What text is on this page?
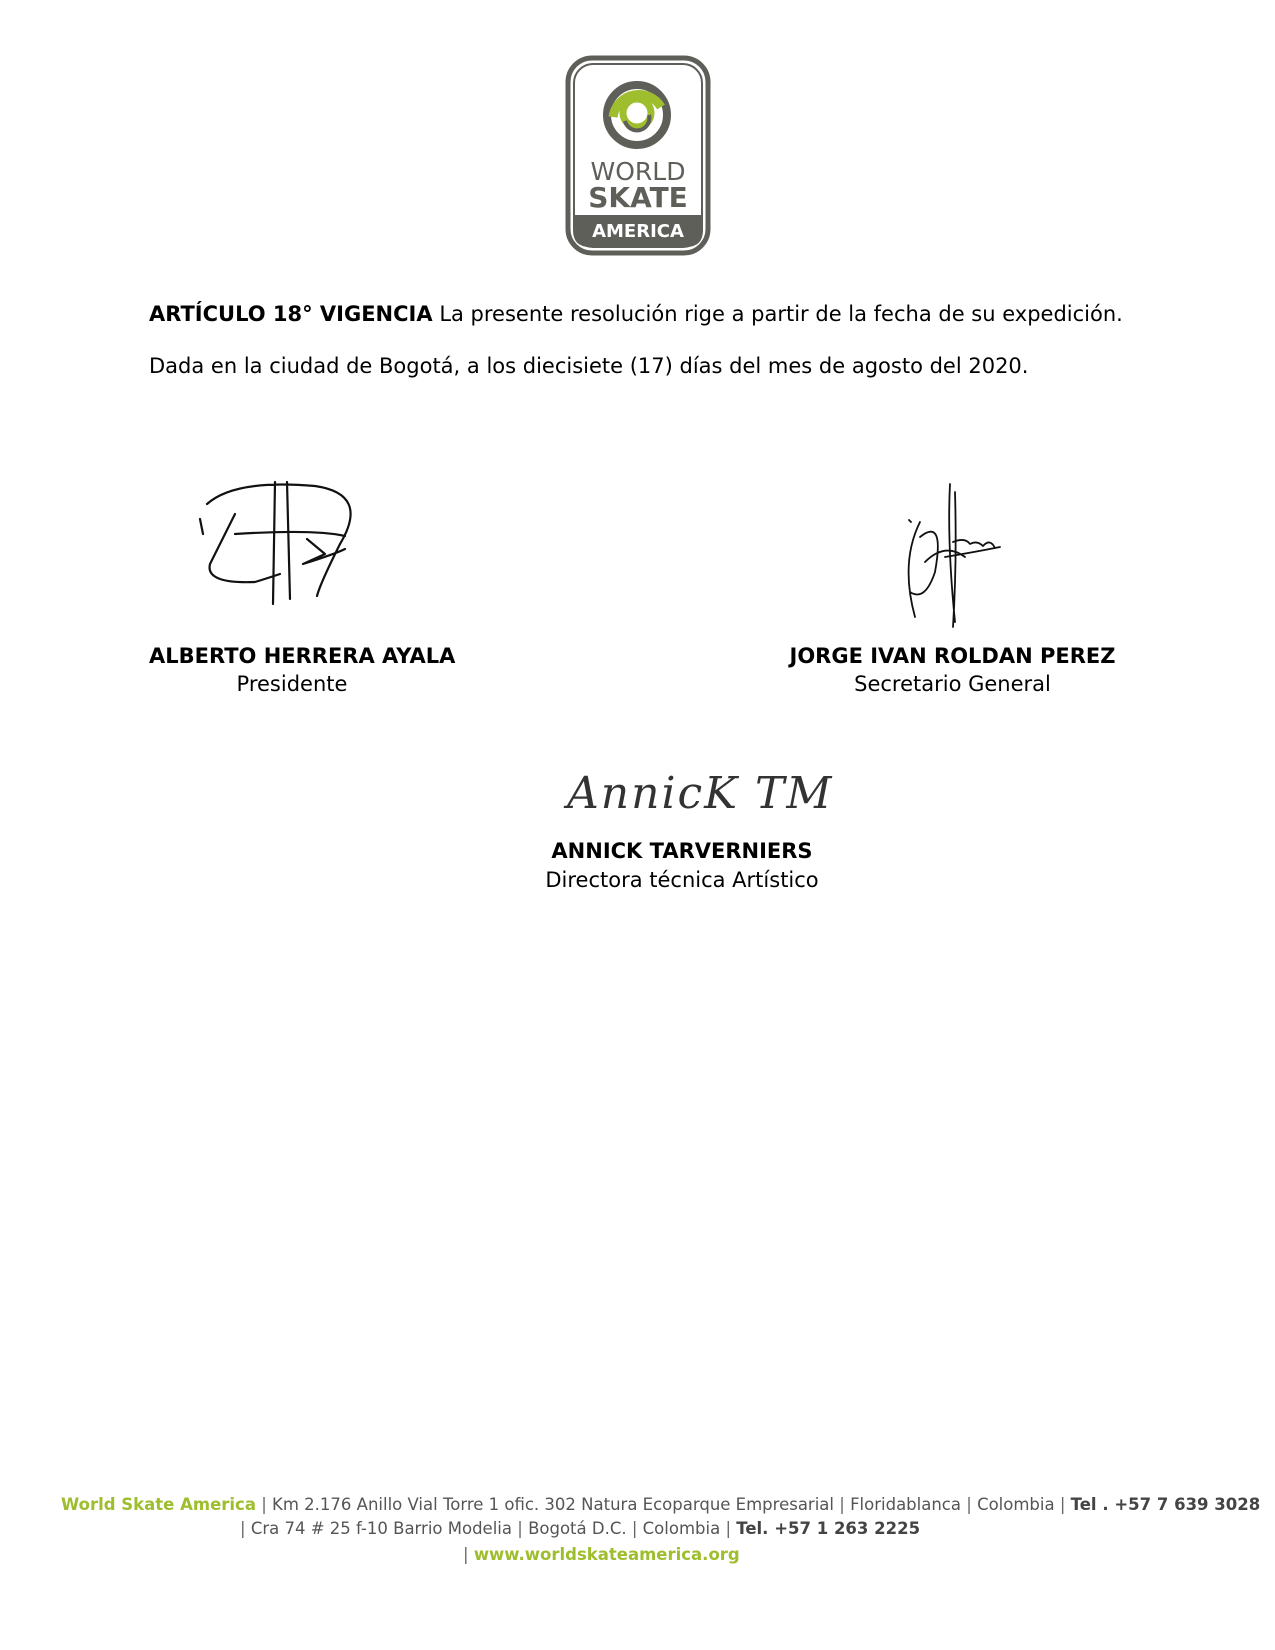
WORLD
SKATE
AMERICA
ARTÍCULO 18° VIGENCIA La presente resolución rige a partir de la fecha de su expedición.
Dada en la ciudad de Bogotá, a los diecisiete (17) días del mes de agosto del 2020.
ALBERTO HERRERA AYALA
Presidente
JORGE IVAN ROLDAN PEREZ
Secretario General
AnnicK TM
ANNICK TARVERNIERS
Directora técnica Artístico
World Skate America | Km 2.176 Anillo Vial Torre 1 ofic. 302 Natura Ecoparque Empresarial | Floridablanca | Colombia | Tel . +57 7 639 3028
| Cra 74 # 25 f-10 Barrio Modelia | Bogotá D.C. | Colombia | Tel. +57 1 263 2225
| www.worldskateamerica.org
